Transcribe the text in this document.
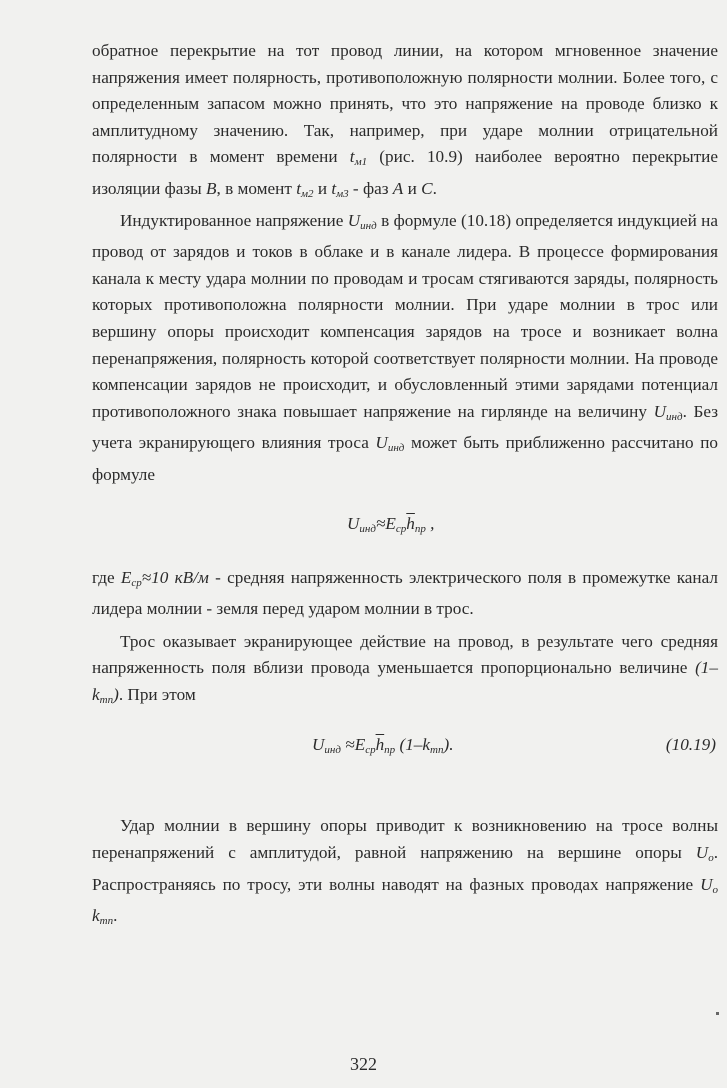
обратное перекрытие на тот провод линии, на котором мгновенное значение напряжения имеет полярность, противоположную полярности молнии. Более того, с определенным запасом можно принять, что это напряжение на проводе близко к амплитудному значению. Так, например, при ударе молнии отрицательной полярности в момент времени $t_{м1}$ (рис. 10.9) наиболее вероятно перекрытие изоляции фазы B, в момент $t_{м2}$ и $t_{м3}$ - фаз A и C.

Индуктированное напряжение $U_{инд}$ в формуле (10.18) определяется индукцией на провод от зарядов и токов в облаке и в канале лидера. В процессе формирования канала к месту удара молнии по проводам и тросам стягиваются заряды, полярность которых противоположна полярности молнии. При ударе молнии в трос или вершину опоры происходит компенсация зарядов на тросе и возникает волна перенапряжения, полярность которой соответствует полярности молнии. На проводе компенсации зарядов не происходит, и обусловленный этими зарядами потенциал противоположного знака повышает напряжение на гирлянде на величину $U_{инд}$. Без учета экранирующего влияния троса $U_{инд}$ может быть приближенно рассчитано по формуле

$U_{инд}\approx E_{ср}\overline{h}_{пр}$ ,

где $E_{ср}\approx 10$ кВ/м - средняя напряженность электрического поля в промежутке канал лидера молнии - земля перед ударом молнии в трос.

Трос оказывает экранирующее действие на провод, в результате чего средняя напряженность поля вблизи провода уменьшается пропорционально величине $(1-k_{тп})$. При этом

$U_{инд} \approx E_{ср}\overline{h}_{пр}$ $(1-k_{тп})$.	(10.19)

Удар молнии в вершину опоры приводит к возникновению на тросе волны перенапряжений с амплитудой, равной напряжению на вершине опоры $U_о$. Распространяясь по тросу, эти волны наводят на фазных проводах напряжение $U_о$ $k_{тп}$.

322
